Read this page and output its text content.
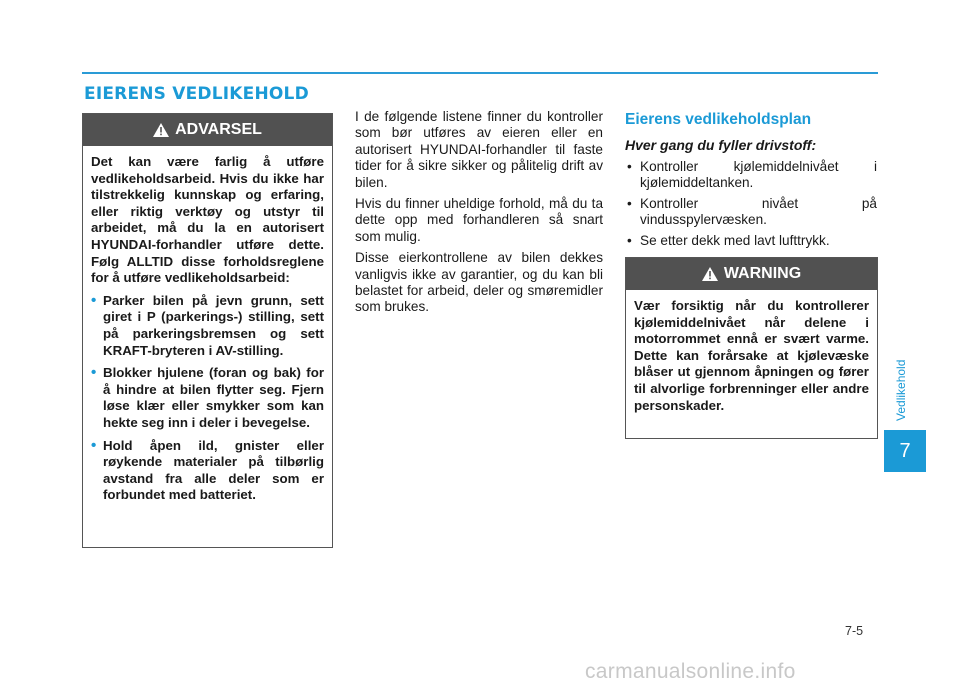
EIERENS VEDLIKEHOLD
ADVARSEL

Det kan være farlig å utføre vedlikeholdsarbeid. Hvis du ikke har tilstrekkelig kunnskap og erfaring, eller riktig verktøy og utstyr til arbeidet, må du la en autorisert HYUNDAI-forhandler utføre dette. Følg ALLTID disse forholdsreglene for å utføre vedlikeholdsarbeid:

• Parker bilen på jevn grunn, sett giret i P (parkerings-) stilling, sett på parkeringsbremsen og sett KRAFT-bryteren i AV-stilling.
• Blokker hjulene (foran og bak) for å hindre at bilen flytter seg. Fjern løse klær eller smykker som kan hekte seg inn i deler i bevegelse.
• Hold åpen ild, gnister eller røykende materialer på tilbørlig avstand fra alle deler som er forbundet med batteriet.

I de følgende listene finner du kontroller som bør utføres av eieren eller en autorisert HYUNDAI-forhandler til faste tider for å sikre sikker og pålitelig drift av bilen.

Hvis du finner uheldige forhold, må du ta dette opp med forhandleren så snart som mulig.

Disse eierkontrollene av bilen dekkes vanligvis ikke av garantier, og du kan bli belastet for arbeid, deler og smøremidler som brukes.

Eierens vedlikeholdsplan
Hver gang du fyller drivstoff:
• Kontroller kjølemiddelnivået i kjølemiddeltanken.
• Kontroller nivået på vindusspylervæsken.
• Se etter dekk med lavt lufttrykk.
WARNING

Vær forsiktig når du kontrollerer kjølemiddelnivået når delene i motorrommet ennå er svært varme. Dette kan forårsake at kjølevæske blåser ut gjennom åpningen og fører til alvorlige forbrenninger eller andre personskader.	Vedlikehold
7
7-5
carmanualsonline.info
